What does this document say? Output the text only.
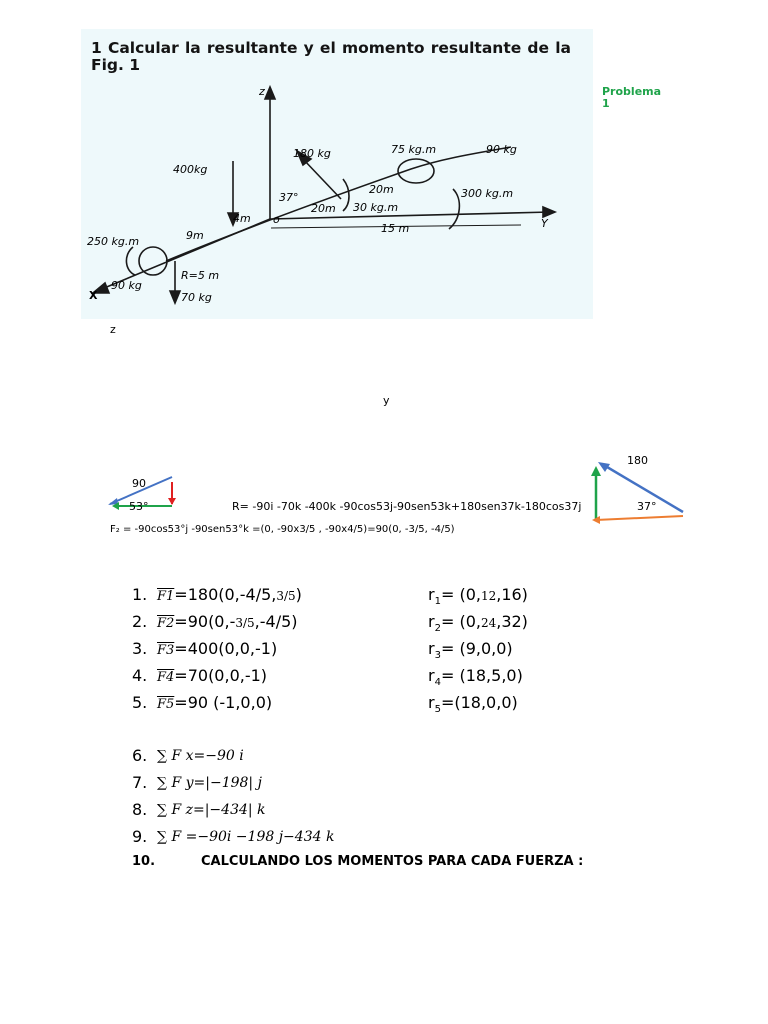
1 Calcular la resultante y el momento resultante de la Fig. 1

180 kg	75 kg.m	90 kg
400kg
37°
20m
20m
300 kg.m
30 kg.m
4m o
9m
15 m
250 kg.m
R=5 m
90 kg
70 kg
z
Y
X
Problema 1
z
y
90
53°	R= -90i -70k -400k -90cos53j-90sen53k+180sen37k-180cos37j
180
37°
F₂ = -90cos53°j -90sen53°k =(0, -90x3/5 , -90x4/5)=90(0, -3/5, -4/5)
1. F1=180(0,-4/5,3/5)	$r_1= (0,12,16)$
2. F2=90(0,-3/5,-4/5)	$r_2= (0,24,32)$
3. F3=400(0,0,-1)	$r_3= (9,0,0)$
4. F4=70(0,0,-1)	$r_4= (18,5,0)$
5. F5=90 (-1,0,0)	$r_5=(18,0,0)$
6. ∑ F x=−90 i
7. ∑ F y=|−198| j
8. ∑ F z=|−434| k
9. ∑ F =−90i −198 j−434 k
10.	CALCULANDO LOS MOMENTOS PARA CADA FUERZA :
